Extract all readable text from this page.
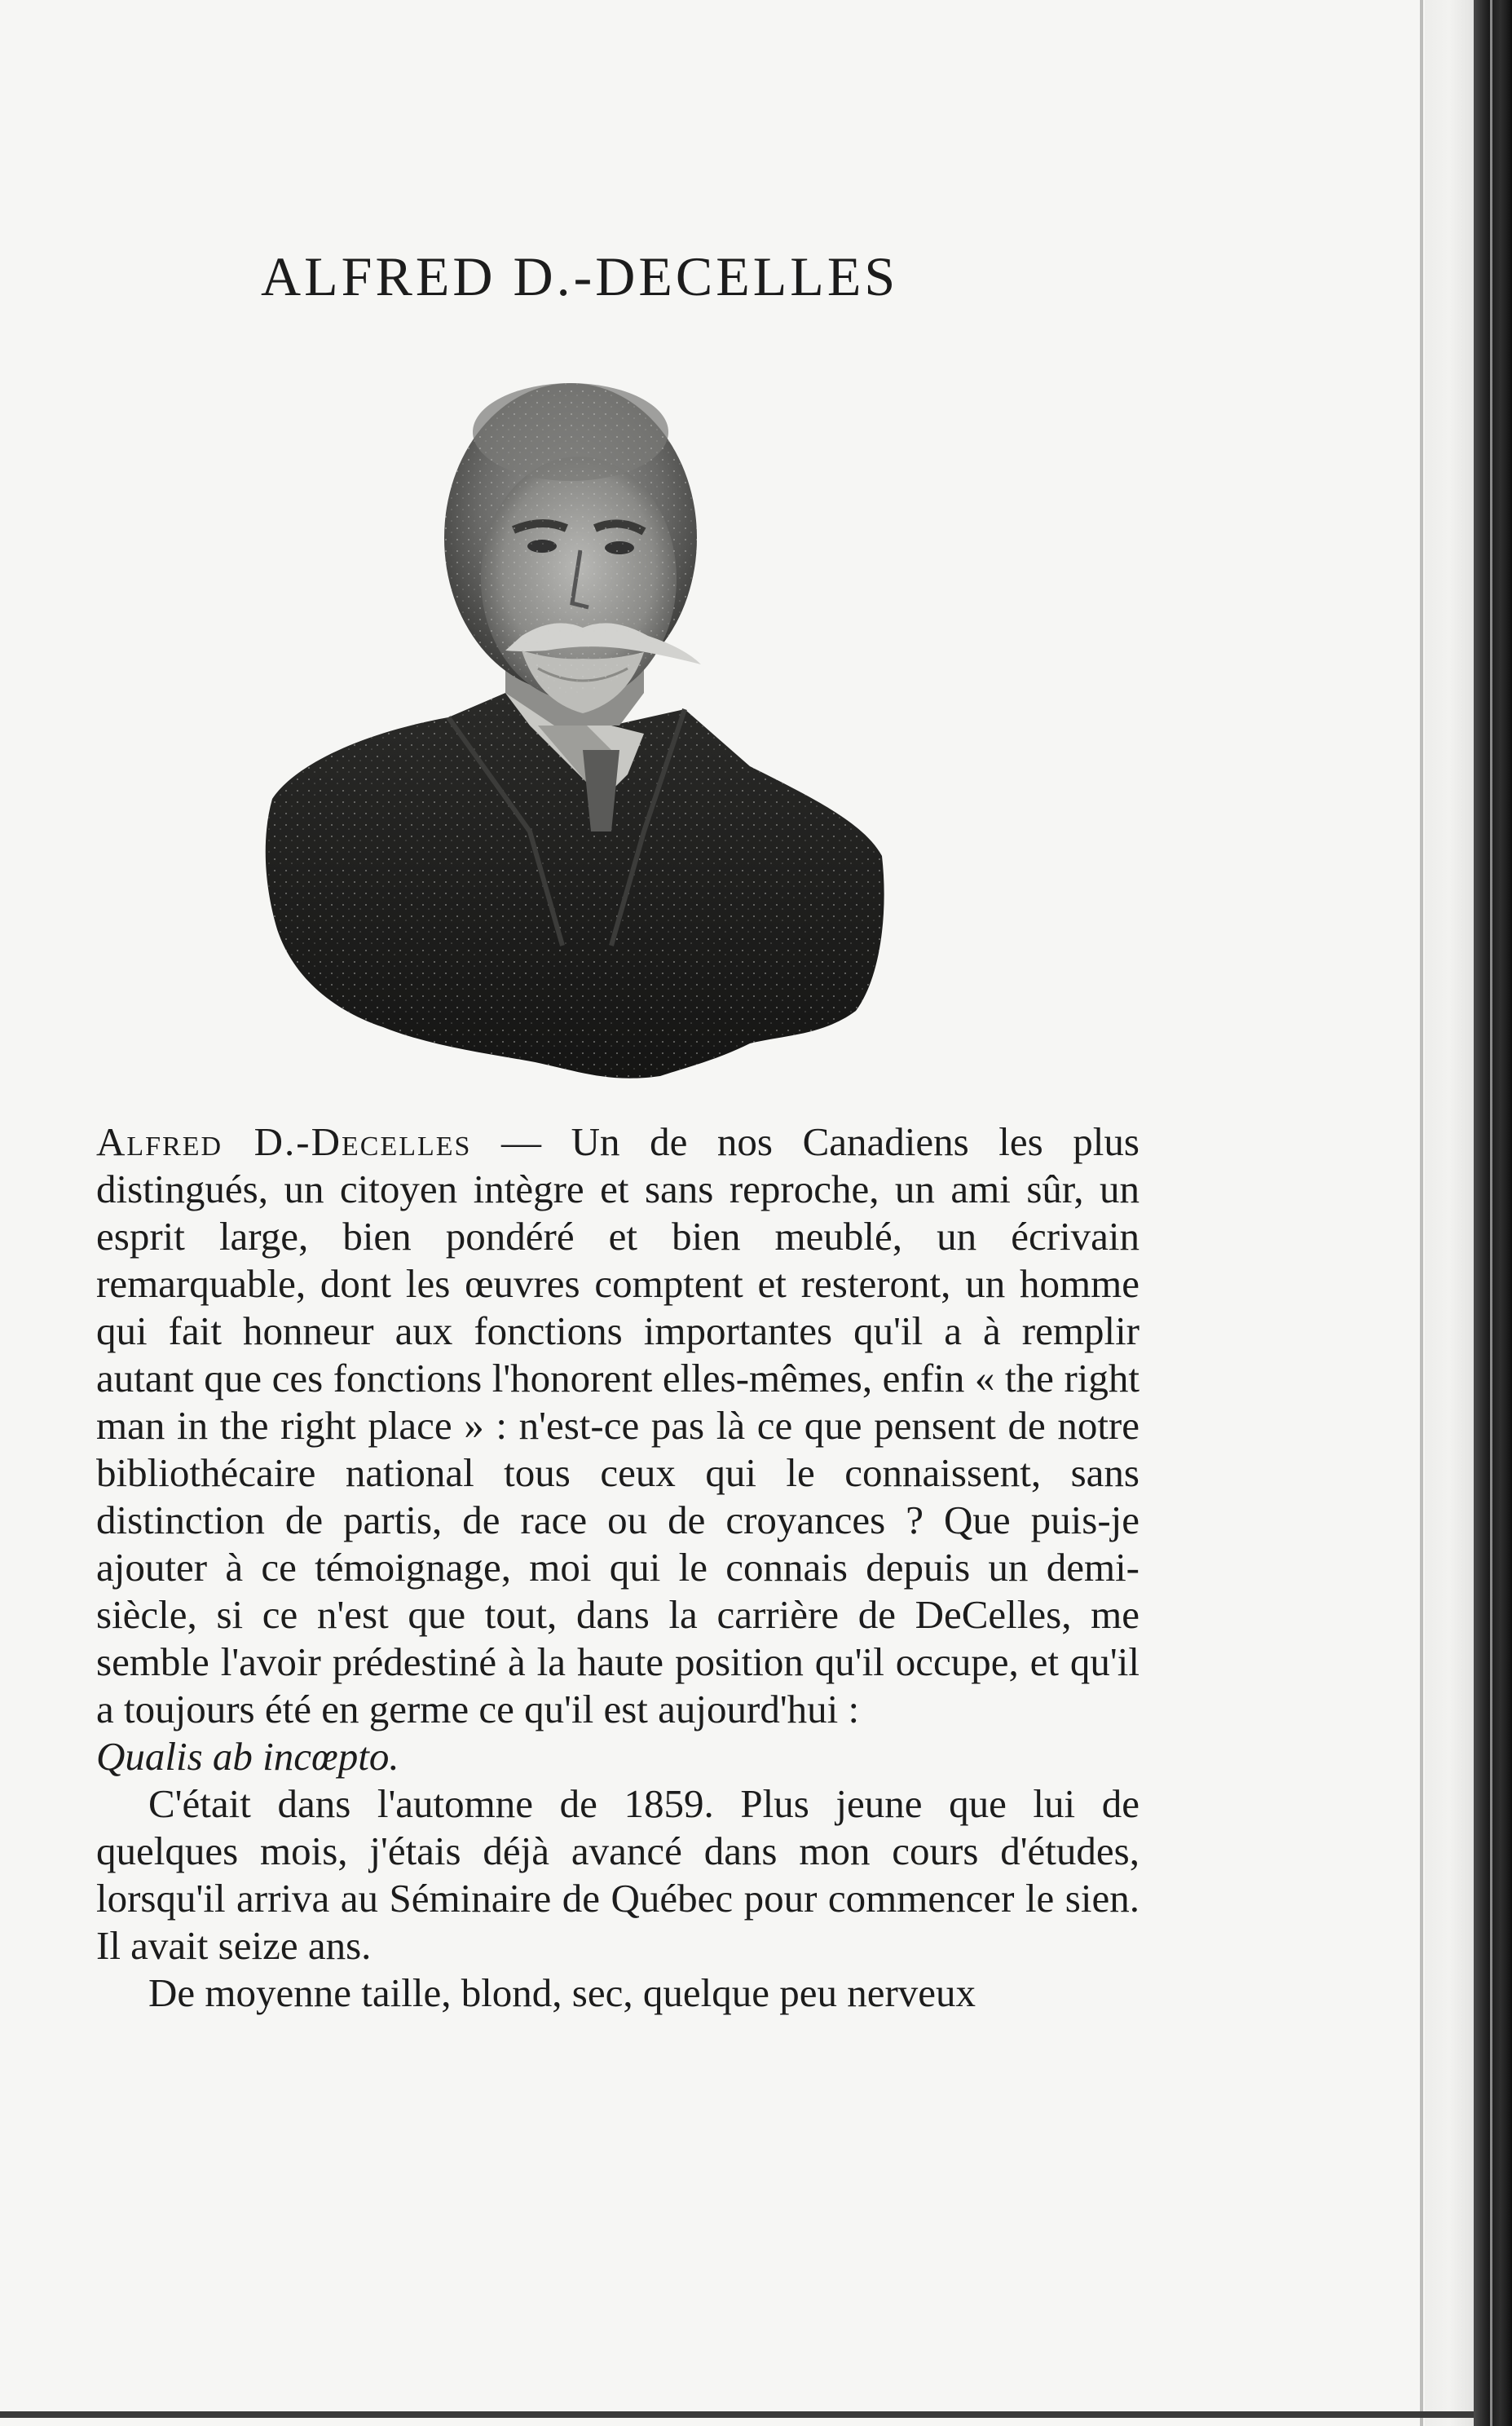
ALFRED D.-DECELLES

Alfred D.-Decelles — Un de nos Canadiens les plus distingués, un citoyen intègre et sans reproche, un ami sûr, un esprit large, bien pondéré et bien meublé, un écrivain remarquable, dont les œuvres comptent et resteront, un homme qui fait honneur aux fonctions importantes qu'il a à remplir autant que ces fonctions l'honorent elles-mêmes, enfin « the right man in the right place » : n'est-ce pas là ce que pensent de notre bibliothécaire national tous ceux qui le connaissent, sans distinction de partis, de race ou de croyances ? Que puis-je ajouter à ce témoignage, moi qui le connais depuis un demi-siècle, si ce n'est que tout, dans la carrière de DeCelles, me semble l'avoir prédestiné à la haute position qu'il occupe, et qu'il a toujours été en germe ce qu'il est aujourd'hui :
Qualis ab incœpto.

C'était dans l'automne de 1859. Plus jeune que lui de quelques mois, j'étais déjà avancé dans mon cours d'études, lorsqu'il arriva au Séminaire de Québec pour commencer le sien. Il avait seize ans.

De moyenne taille, blond, sec, quelque peu nerveux
